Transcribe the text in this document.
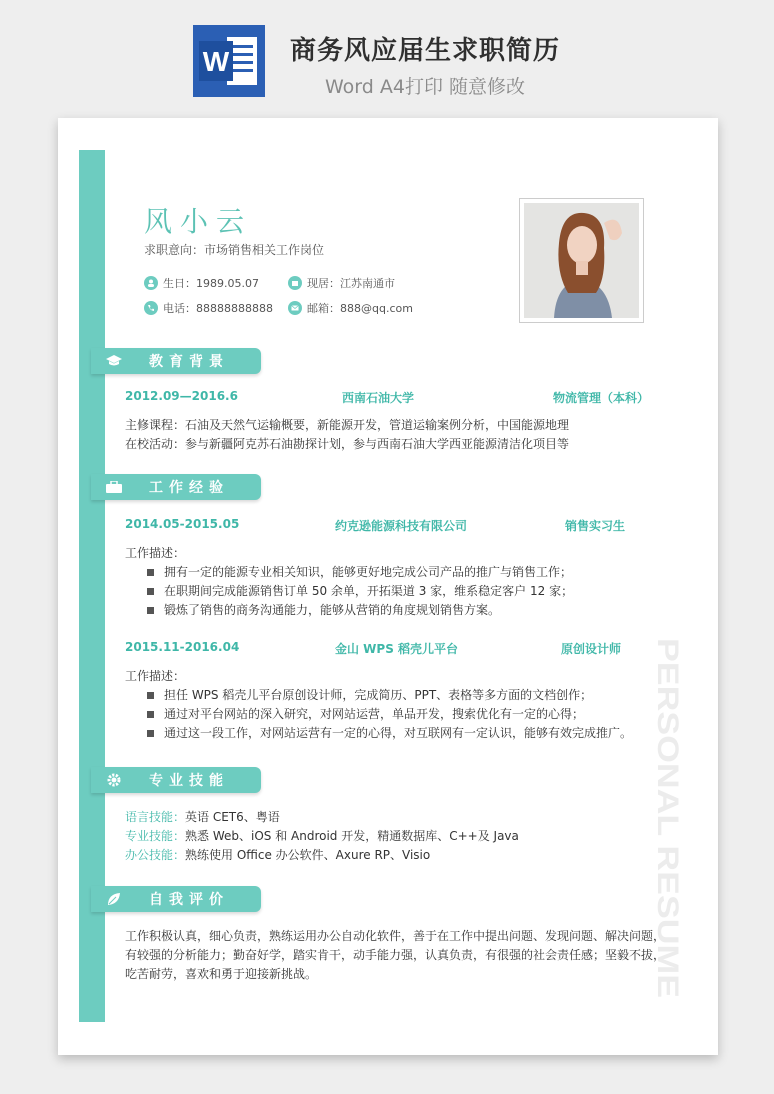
W 商务风应届生求职简历
Word A4打印 随意修改
风小云
求职意向：市场销售相关工作岗位
生日：1989.05.07	现居：江苏南通市
电话：88888888888	邮箱：888@qq.com
教育背景
2012.09—2016.6	西南石油大学	物流管理（本科）
主修课程：石油及天然气运输概要，新能源开发，管道运输案例分析，中国能源地理
在校活动：参与新疆阿克苏石油勘探计划，参与西南石油大学西亚能源清洁化项目等
工作经验
2014.05-2015.05	约克逊能源科技有限公司	销售实习生
工作描述：
拥有一定的能源专业相关知识，能够更好地完成公司产品的推广与销售工作；
在职期间完成能源销售订单 50 余单，开拓渠道 3 家，维系稳定客户 12 家；
锻炼了销售的商务沟通能力，能够从营销的角度规划销售方案。
2015.11-2016.04	金山 WPS 稻壳儿平台	原创设计师
工作描述：
担任 WPS 稻壳儿平台原创设计师，完成简历、PPT、表格等多方面的文档创作；
通过对平台网站的深入研究，对网站运营，单品开发，搜索优化有一定的心得；
通过这一段工作，对网站运营有一定的心得，对互联网有一定认识，能够有效完成推广。
专业技能
语言技能：英语 CET6、粤语
专业技能：熟悉 Web、iOS 和 Android 开发，精通数据库、C++及 Java
办公技能：熟练使用 Office 办公软件、Axure RP、Visio
自我评价
工作积极认真，细心负责，熟练运用办公自动化软件，善于在工作中提出问题、发现问题、解决问题，
有较强的分析能力；勤奋好学，踏实肯干，动手能力强，认真负责，有很强的社会责任感；坚毅不拔，
吃苦耐劳，喜欢和勇于迎接新挑战。
PERSONAL RESUME
